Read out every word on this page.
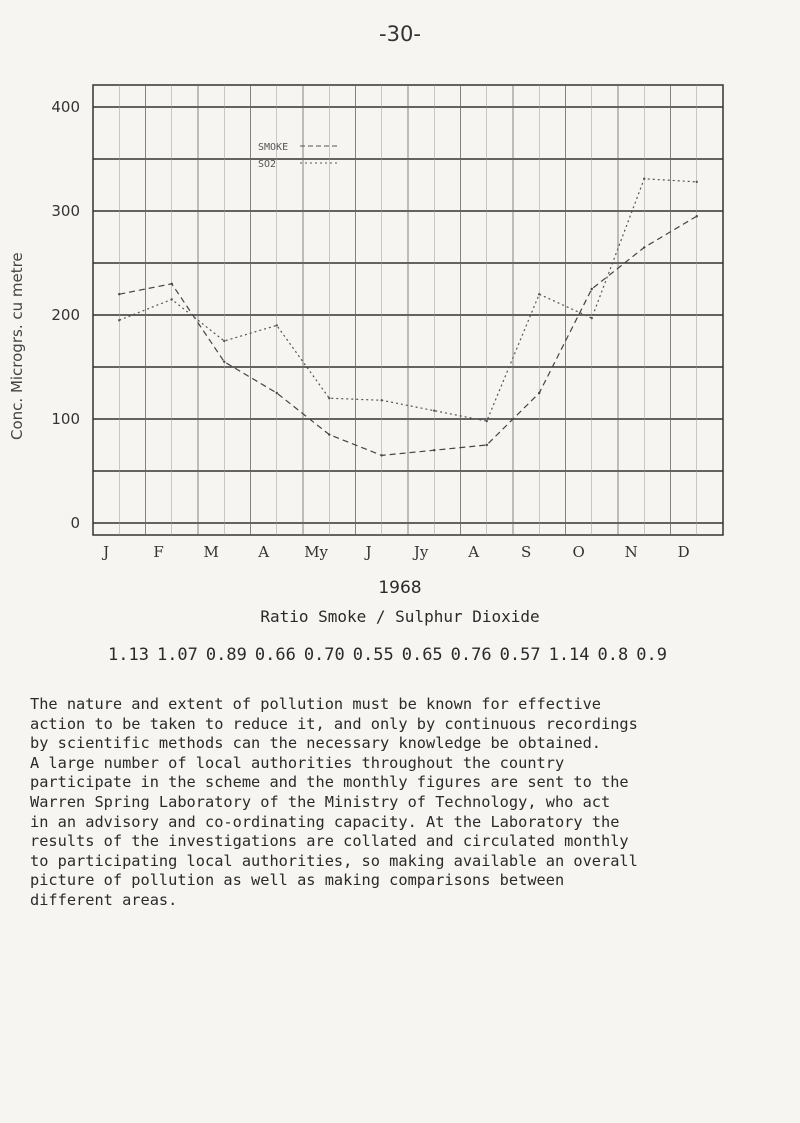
-30-
Conc. Microgrs. cu metre
0
100
200
300
400
J	F	M	A My	J	Jy	A	S	O	N	D
SMOKE
SO2
1968
Ratio Smoke / Sulphur Dioxide
1.13 1.07 0.89 0.66 0.70 0.55 0.65 0.76 0.57 1.14 0.8 0.9

The nature and extent of pollution must be known for effective

action to be taken to reduce it, and only by continuous recordings

by scientific methods can the necessary knowledge be obtained.

A large number of local authorities throughout the country

participate in the scheme and the monthly figures are sent to the

Warren Spring Laboratory of the Ministry of Technology, who act

in an advisory and co-ordinating capacity. At the Laboratory the

results of the investigations are collated and circulated monthly

to participating local authorities, so making available an overall

picture of pollution as well as making comparisons between

different areas.
